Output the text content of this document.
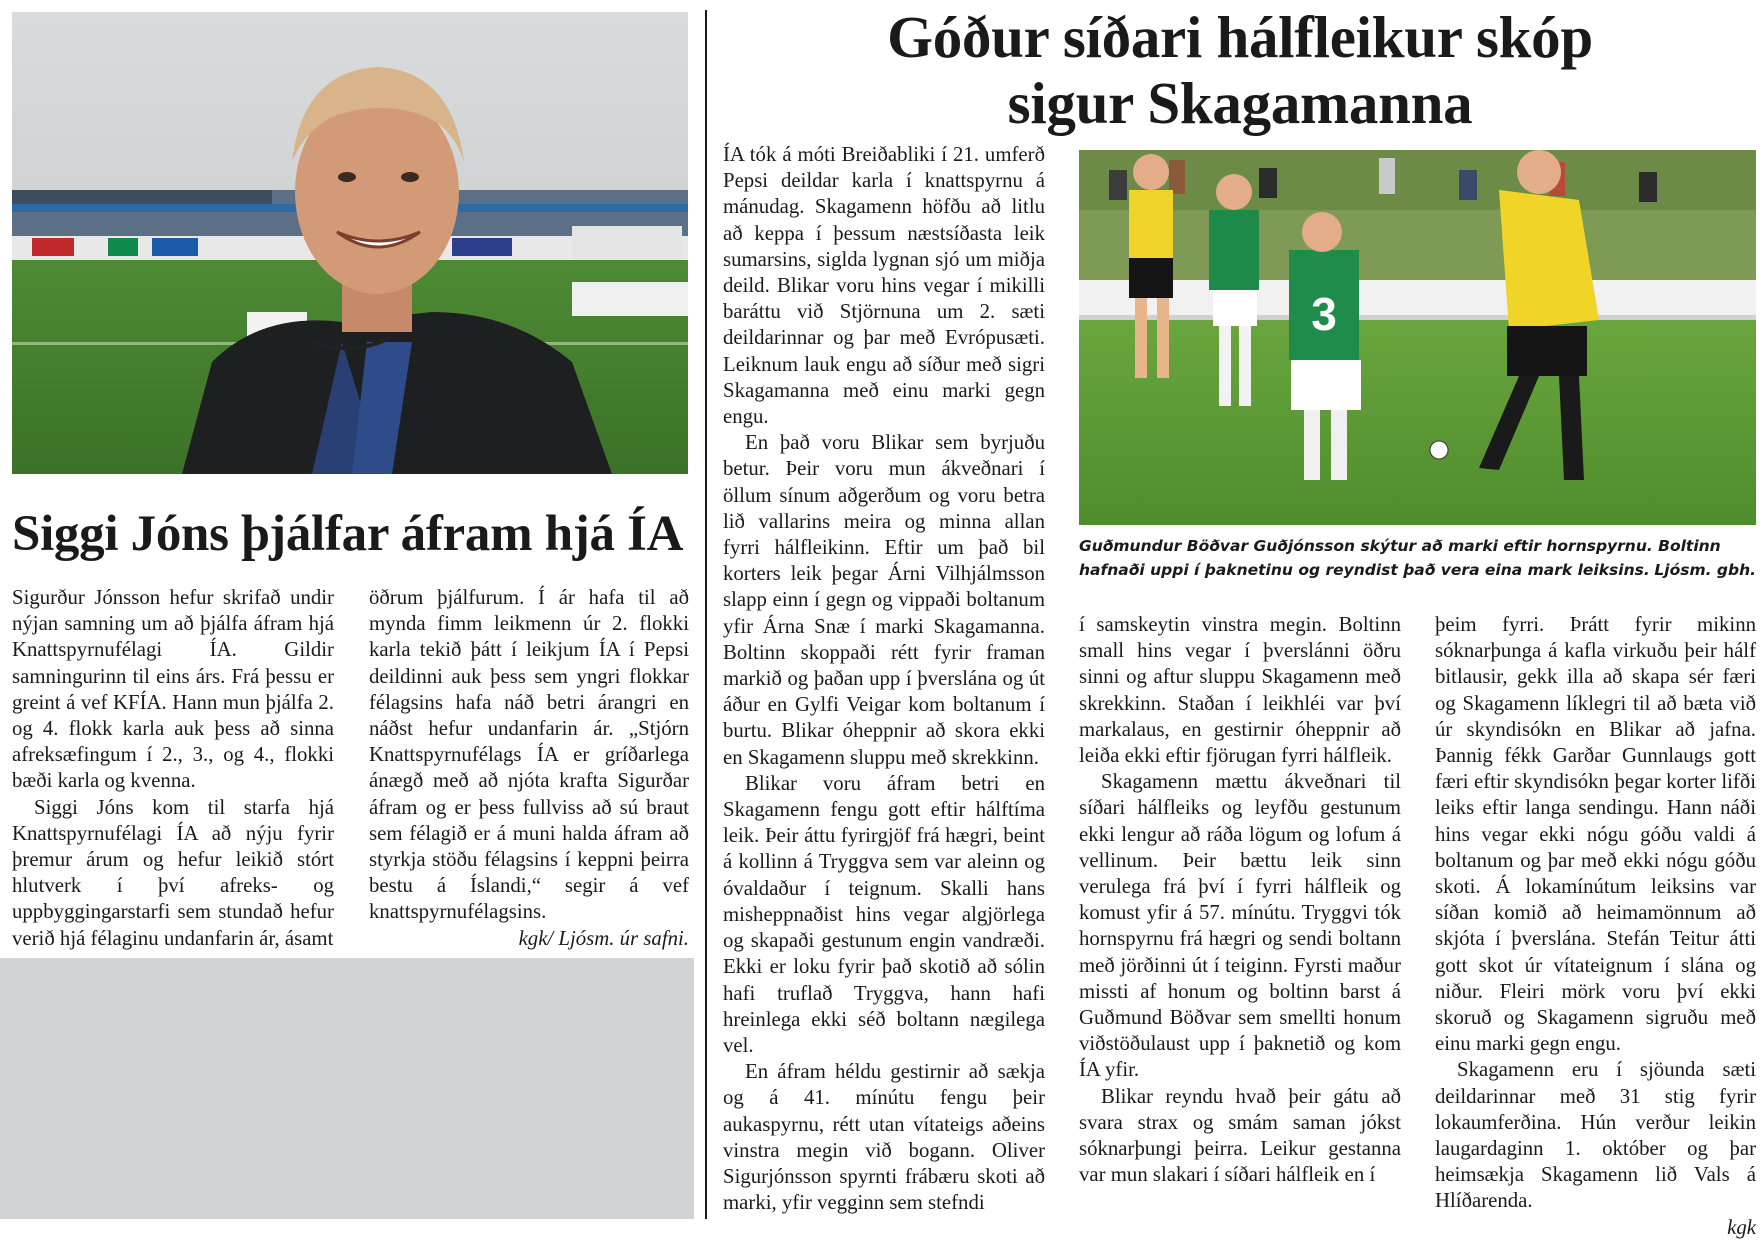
Siggi Jóns þjálfar áfram hjá ÍA

Sigurður Jónsson hefur skrifað undir nýjan samning um að þjálfa áfram hjá Knattspyrnufélagi ÍA. Gildir samningurinn til eins árs. Frá þessu er greint á vef KFÍA. Hann mun þjálfa 2. og 4. flokk karla auk þess að sinna afreksæfingum í 2., 3., og 4., flokki bæði karla og kvenna.

Siggi Jóns kom til starfa hjá Knattspyrnufélagi ÍA að nýju fyrir þremur árum og hefur leikið stórt hlutverk í því afreks- og uppbyggingarstarfi sem stundað hefur verið hjá félaginu undanfarin ár, ásamt

öðrum þjálfurum. Í ár hafa til að mynda fimm leikmenn úr 2. flokki karla tekið þátt í leikjum ÍA í Pepsi deildinni auk þess sem yngri flokkar félagsins hafa náð betri árangri en náðst hefur undanfarin ár. „Stjórn Knattspyrnufélags ÍA er gríðarlega ánægð með að njóta krafta Sigurðar áfram og er þess fullviss að sú braut sem félagið er á muni halda áfram að styrkja stöðu félagsins í keppni þeirra bestu á Íslandi,“ segir á vef knattspyrnufélagsins.

kgk/ Ljósm. úr safni.
Góður síðari hálfleikur skóp
sigur Skagamanna

ÍA tók á móti Breiðabliki í 21. umferð Pepsi deildar karla í knattspyrnu á mánudag. Skagamenn höfðu að litlu að keppa í þessum næstsíðasta leik sumarsins, siglda lygnan sjó um miðja deild. Blikar voru hins vegar í mikilli baráttu við Stjörnuna um 2. sæti deildarinnar og þar með Evrópusæti. Leiknum lauk engu að síður með sigri Skagamanna með einu marki gegn engu.

En það voru Blikar sem byrjuðu betur. Þeir voru mun ákveðnari í öllum sínum aðgerðum og voru betra lið vallarins meira og minna allan fyrri hálfleikinn. Eftir um það bil korters leik þegar Árni Vilhjálmsson slapp einn í gegn og vippaði boltanum yfir Árna Snæ í marki Skagamanna. Boltinn skoppaði rétt fyrir framan markið og þaðan upp í þverslána og út áður en Gylfi Veigar kom boltanum í burtu. Blikar óheppnir að skora ekki en Skagamenn sluppu með skrekkinn.

Blikar voru áfram betri en Skagamenn fengu gott eftir hálftíma leik. Þeir áttu fyrirgjöf frá hægri, beint á kollinn á Tryggva sem var aleinn og óvaldaður í teignum. Skalli hans misheppnaðist hins vegar algjörlega og skapaði gestunum engin vandræði. Ekki er loku fyrir það skotið að sólin hafi truflað Tryggva, hann hafi hreinlega ekki séð boltann nægilega vel.

En áfram héldu gestirnir að sækja og á 41. mínútu fengu þeir aukaspyrnu, rétt utan vítateigs aðeins vinstra megin við bogann. Oliver Sigurjónsson spyrnti frábæru skoti að marki, yfir vegginn sem stefndi

3
Guðmundur Böðvar Guðjónsson skýtur að marki eftir hornspyrnu. Boltinn hafnaði uppi í þaknetinu og reyndist það vera eina mark leiksins. Ljósm. gbh.

í samskeytin vinstra megin. Boltinn small hins vegar í þverslánni öðru sinni og aftur sluppu Skagamenn með skrekkinn. Staðan í leikhléi var því markalaus, en gestirnir óheppnir að leiða ekki eftir fjörugan fyrri hálfleik.

Skagamenn mættu ákveðnari til síðari hálfleiks og leyfðu gestunum ekki lengur að ráða lögum og lofum á vellinum. Þeir bættu leik sinn verulega frá því í fyrri hálfleik og komust yfir á 57. mínútu. Tryggvi tók hornspyrnu frá hægri og sendi boltann með jörðinni út í teiginn. Fyrsti maður missti af honum og boltinn barst á Guðmund Böðvar sem smellti honum viðstöðulaust upp í þaknetið og kom ÍA yfir.

Blikar reyndu hvað þeir gátu að svara strax og smám saman jókst sóknarþungi þeirra. Leikur gestanna var mun slakari í síðari hálfleik en í

þeim fyrri. Þrátt fyrir mikinn sóknarþunga á kafla virkuðu þeir hálf bitlausir, gekk illa að skapa sér færi og Skagamenn líklegri til að bæta við úr skyndisókn en Blikar að jafna. Þannig fékk Garðar Gunnlaugs gott færi eftir skyndisókn þegar korter lifði leiks eftir langa sendingu. Hann náði hins vegar ekki nógu góðu valdi á boltanum og þar með ekki nógu góðu skoti. Á lokamínútum leiksins var síðan komið að heimamönnum að skjóta í þverslána. Stefán Teitur átti gott skot úr vítateignum í slána og niður. Fleiri mörk voru því ekki skoruð og Skagamenn sigruðu með einu marki gegn engu.

Skagamenn eru í sjöunda sæti deildarinnar með 31 stig fyrir lokaumferðina. Hún verður leikin laugardaginn 1. október og þar heimsækja Skagamenn lið Vals á Hlíðarenda.

kgk
